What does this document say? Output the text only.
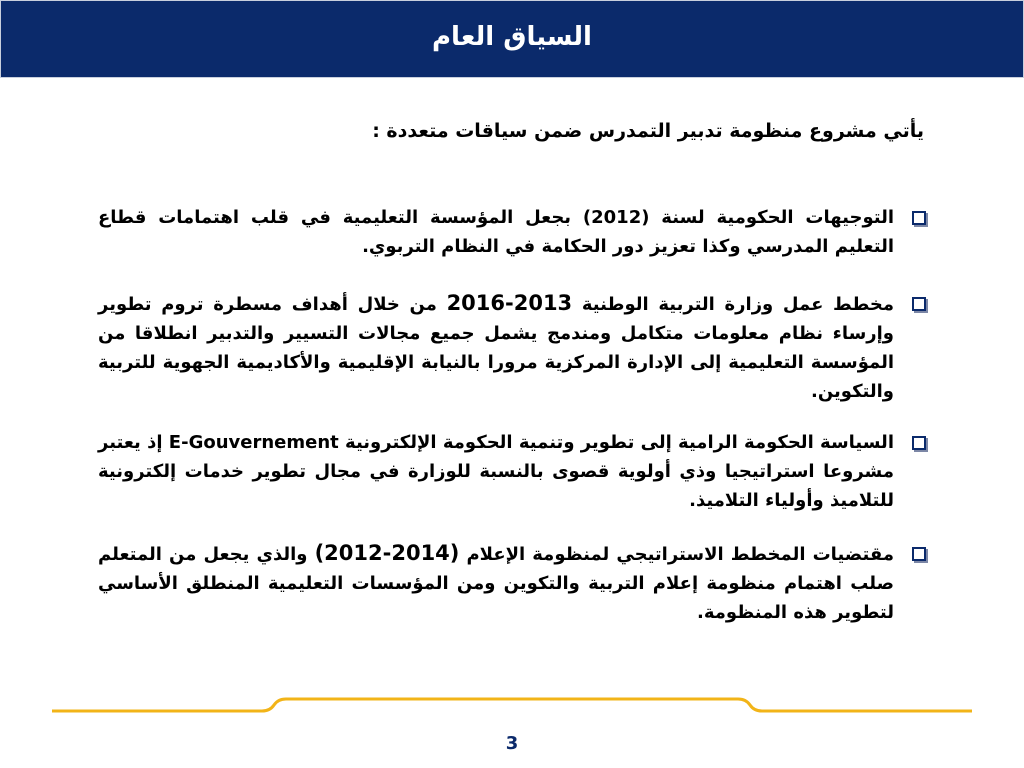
السياق العام
يأتي مشروع منظومة تدبير التمدرس ضمن سياقات متعددة :
التوجيهات الحكومية لسنة (2012) بجعل المؤسسة التعليمية في قلب اهتمامات قطاع التعليم المدرسي وكذا تعزيز دور الحكامة في النظام التربوي.
مخطط عمل وزارة التربية الوطنية 2016-2013 من خلال أهداف مسطرة تروم تطوير وإرساء نظام معلومات متكامل ومندمج يشمل جميع مجالات التسيير والتدبير انطلاقا من المؤسسة التعليمية إلى الإدارة المركزية مرورا بالنيابة الإقليمية والأكاديمية الجهوية للتربية والتكوين.
السياسة الحكومة الرامية إلى تطوير وتنمية الحكومة الإلكترونية E-Gouvernement إذ يعتبر مشروعا استراتيجيا وذي أولوية قصوى بالنسبة للوزارة في مجال تطوير خدمات إلكترونية للتلاميذ وأولياء التلاميذ.
مقتضيات المخطط الاستراتيجي لمنظومة الإعلام (2012-2014) والذي يجعل من المتعلم صلب اهتمام منظومة إعلام التربية والتكوين ومن المؤسسات التعليمية المنطلق الأساسي لتطوير هذه المنظومة.
3
